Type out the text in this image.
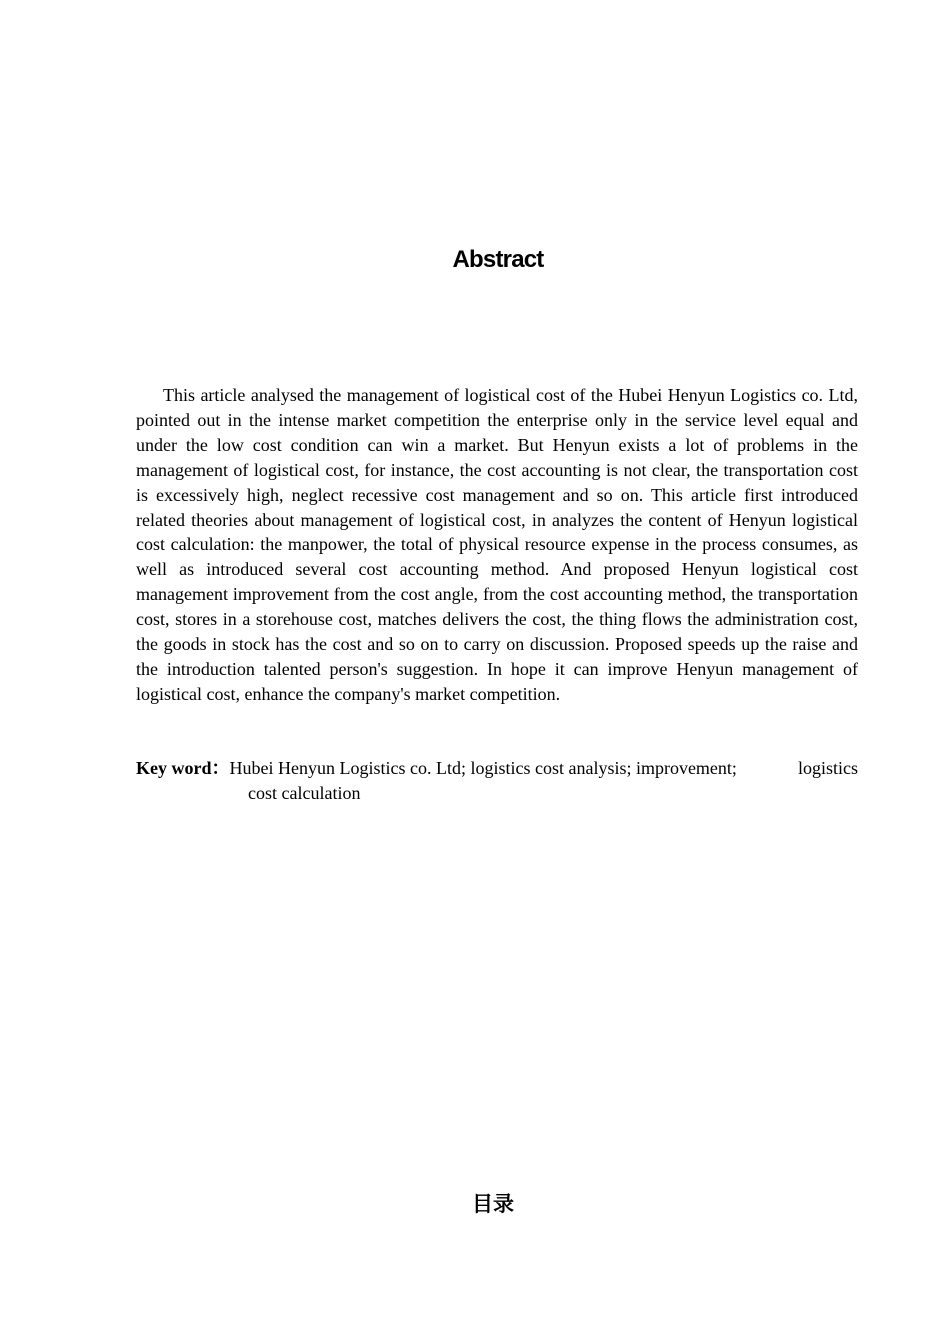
Abstract

This article analysed the management of logistical cost of the Hubei Henyun Logistics co. Ltd, pointed out in the intense market competition the enterprise only in the service level equal and under the low cost condition can win a market. But Henyun exists a lot of problems in the management of logistical cost, for instance, the cost accounting is not clear, the transportation cost is excessively high, neglect recessive cost management and so on. This article first introduced related theories about management of logistical cost, in analyzes the content of Henyun logistical cost calculation: the manpower, the total of physical resource expense in the process consumes, as well as introduced several cost accounting method. And proposed Henyun logistical cost management improvement from the cost angle, from the cost accounting method, the transportation cost, stores in a storehouse cost, matches delivers the cost, the thing flows the administration cost, the goods in stock has the cost and so on to carry on discussion. Proposed speeds up the raise and the introduction talented person's suggestion. In hope it can improve Henyun management of logistical cost, enhance the company's market competition.

Key word：Hubei Henyun Logistics co. Ltd; logistics cost analysis; improvement;	logistics
cost calculation
目录
